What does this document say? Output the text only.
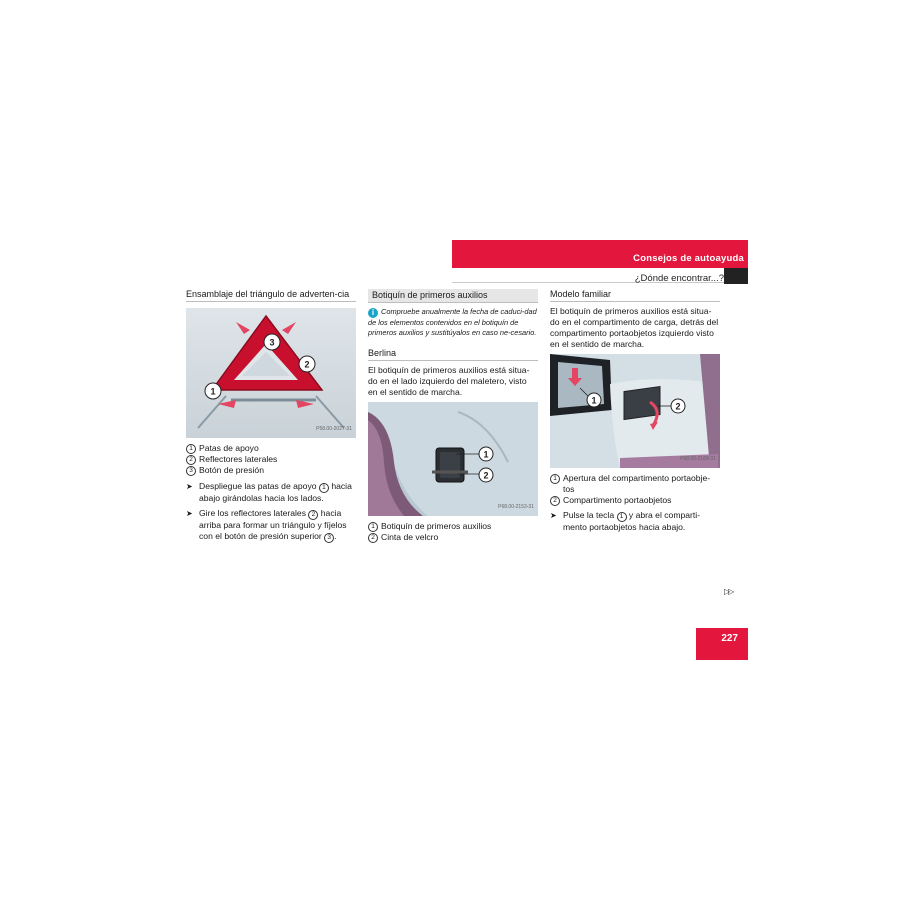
Consejos de autoayuda
¿Dónde encontrar...?
Ensamblaje del triángulo de adverten-cia
3
2
1
P58.00-2027-31
1 Patas de apoyo
2 Reflectores laterales
3 Botón de presión
➤ Despliegue las patas de apoyo 1 hacia abajo girándolas hacia los lados.
➤ Gire los reflectores laterales 2 hacia arriba para formar un triángulo y fíjelos con el botón de presión superior 3 .
Botiquín de primeros auxilios

i Compruebe anualmente la fecha de caduci-dad de los elementos contenidos en el botiquín de primeros auxilios y sustitúyalos en caso ne-cesario.

Berlina

El botiquín de primeros auxilios está situa-do en el lado izquierdo del maletero, visto en el sentido de marcha.

1
2
P68.00-2153-31
1 Botiquín de primeros auxilios
2 Cinta de velcro
Modelo familiar

El botiquín de primeros auxilios está situa-do en el compartimento de carga, detrás del compartimento portaobjetos izquierdo visto en el sentido de marcha.

1
2
P68.00-2169-31
1 Apertura del compartimento portaobje-tos
2 Compartimento portaobjetos
➤ Pulse la tecla 1 y abra el comparti-mento portaobjetos hacia abajo.
▷▷
227
